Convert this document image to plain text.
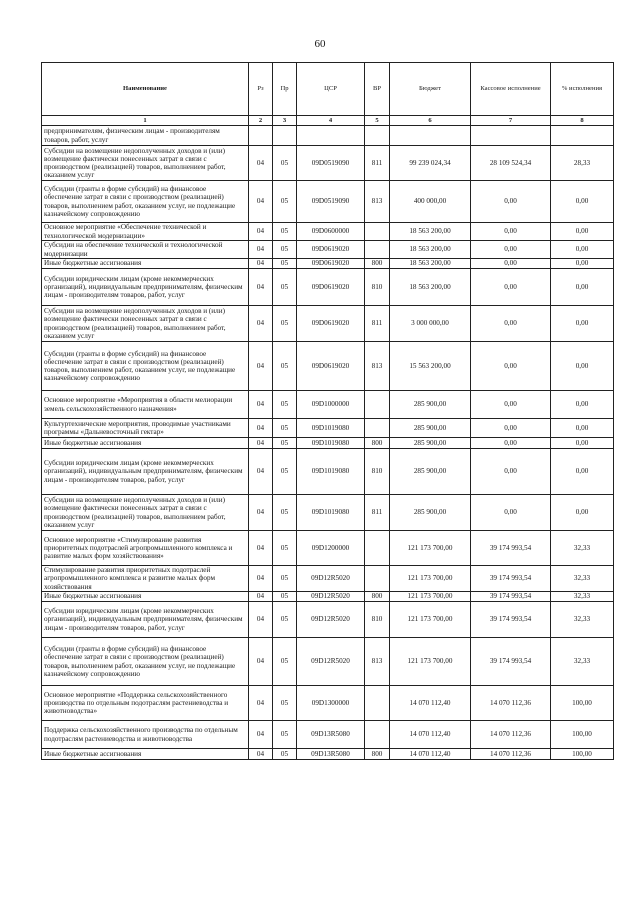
60
Наименование	Рз	Пр	ЦСР	ВР	Бюджет	Кассовое исполнение	% исполнения
1	2	3	4	5	6	7	8
предпринимателям, физическим лицам - производителям товаров, работ, услуг							
Субсидии на возмещение недополученных доходов и (или) возмещение фактически понесенных затрат в связи с производством (реализацией) товаров, выполнением работ, оказанием услуг	04	05	09D0519090	811	99 239 024,34	28 109 524,34	28,33
Субсидии (гранты в форме субсидий) на финансовое обеспечение затрат в связи с производством (реализацией) товаров, выполнением работ, оказанием услуг, не подлежащие казначейскому сопровождению	04	05	09D0519090	813	400 000,00	0,00	0,00
Основное мероприятие «Обеспечение технической и технологической модернизации»	04	05	09D0600000		18 563 200,00	0,00	0,00
Субсидии на обеспечение технической и технологической модернизации	04	05	09D0619020		18 563 200,00	0,00	0,00
Иные бюджетные ассигнования	04	05	09D0619020	800	18 563 200,00	0,00	0,00
Субсидии юридическим лицам (кроме некоммерческих организаций), индивидуальным предпринимателям, физическим лицам - производителям товаров, работ, услуг	04	05	09D0619020	810	18 563 200,00	0,00	0,00
Субсидии на возмещение недополученных доходов и (или) возмещение фактически понесенных затрат в связи с производством (реализацией) товаров, выполнением работ, оказанием услуг	04	05	09D0619020	811	3 000 000,00	0,00	0,00
Субсидии (гранты в форме субсидий) на финансовое обеспечение затрат в связи с производством (реализацией) товаров, выполнением работ, оказанием услуг, не подлежащие казначейскому сопровождению	04	05	09D0619020	813	15 563 200,00	0,00	0,00
Основное мероприятие «Мероприятия в области мелиорации земель сельскохозяйственного назначения»	04	05	09D1000000		285 900,00	0,00	0,00
Культуртехнические мероприятия, проводимые участниками программы «Дальневосточный гектар»	04	05	09D1019080		285 900,00	0,00	0,00
Иные бюджетные ассигнования	04	05	09D1019080	800	285 900,00	0,00	0,00
Субсидии юридическим лицам (кроме некоммерческих организаций), индивидуальным предпринимателям, физическим лицам - производителям товаров, работ, услуг	04	05	09D1019080	810	285 900,00	0,00	0,00
Субсидии на возмещение недополученных доходов и (или) возмещение фактически понесенных затрат в связи с производством (реализацией) товаров, выполнением работ, оказанием услуг	04	05	09D1019080	811	285 900,00	0,00	0,00
Основное мероприятие «Стимулирование развития приоритетных подотраслей агропромышленного комплекса и развитие малых форм хозяйствования»	04	05	09D1200000		121 173 700,00	39 174 993,54	32,33
Стимулирование развития приоритетных подотраслей агропромышленного комплекса и развитие малых форм хозяйствования	04	05	09D12R5020		121 173 700,00	39 174 993,54	32,33
Иные бюджетные ассигнования	04	05	09D12R5020	800	121 173 700,00	39 174 993,54	32,33
Субсидии юридическим лицам (кроме некоммерческих организаций), индивидуальным предпринимателям, физическим лицам - производителям товаров, работ, услуг	04	05	09D12R5020	810	121 173 700,00	39 174 993,54	32,33
Субсидии (гранты в форме субсидий) на финансовое обеспечение затрат в связи с производством (реализацией) товаров, выполнением работ, оказанием услуг, не подлежащие казначейскому сопровождению	04	05	09D12R5020	813	121 173 700,00	39 174 993,54	32,33
Основное мероприятие «Поддержка сельскохозяйственного производства по отдельным подотраслям растениеводства и животноводства»	04	05	09D1300000		14 070 112,40	14 070 112,36	100,00
Поддержка сельскохозяйственного производства по отдельным подотраслям растениеводства и животноводства	04	05	09D13R5080		14 070 112,40	14 070 112,36	100,00
Иные бюджетные ассигнования	04	05	09D13R5080	800	14 070 112,40	14 070 112,36	100,00
